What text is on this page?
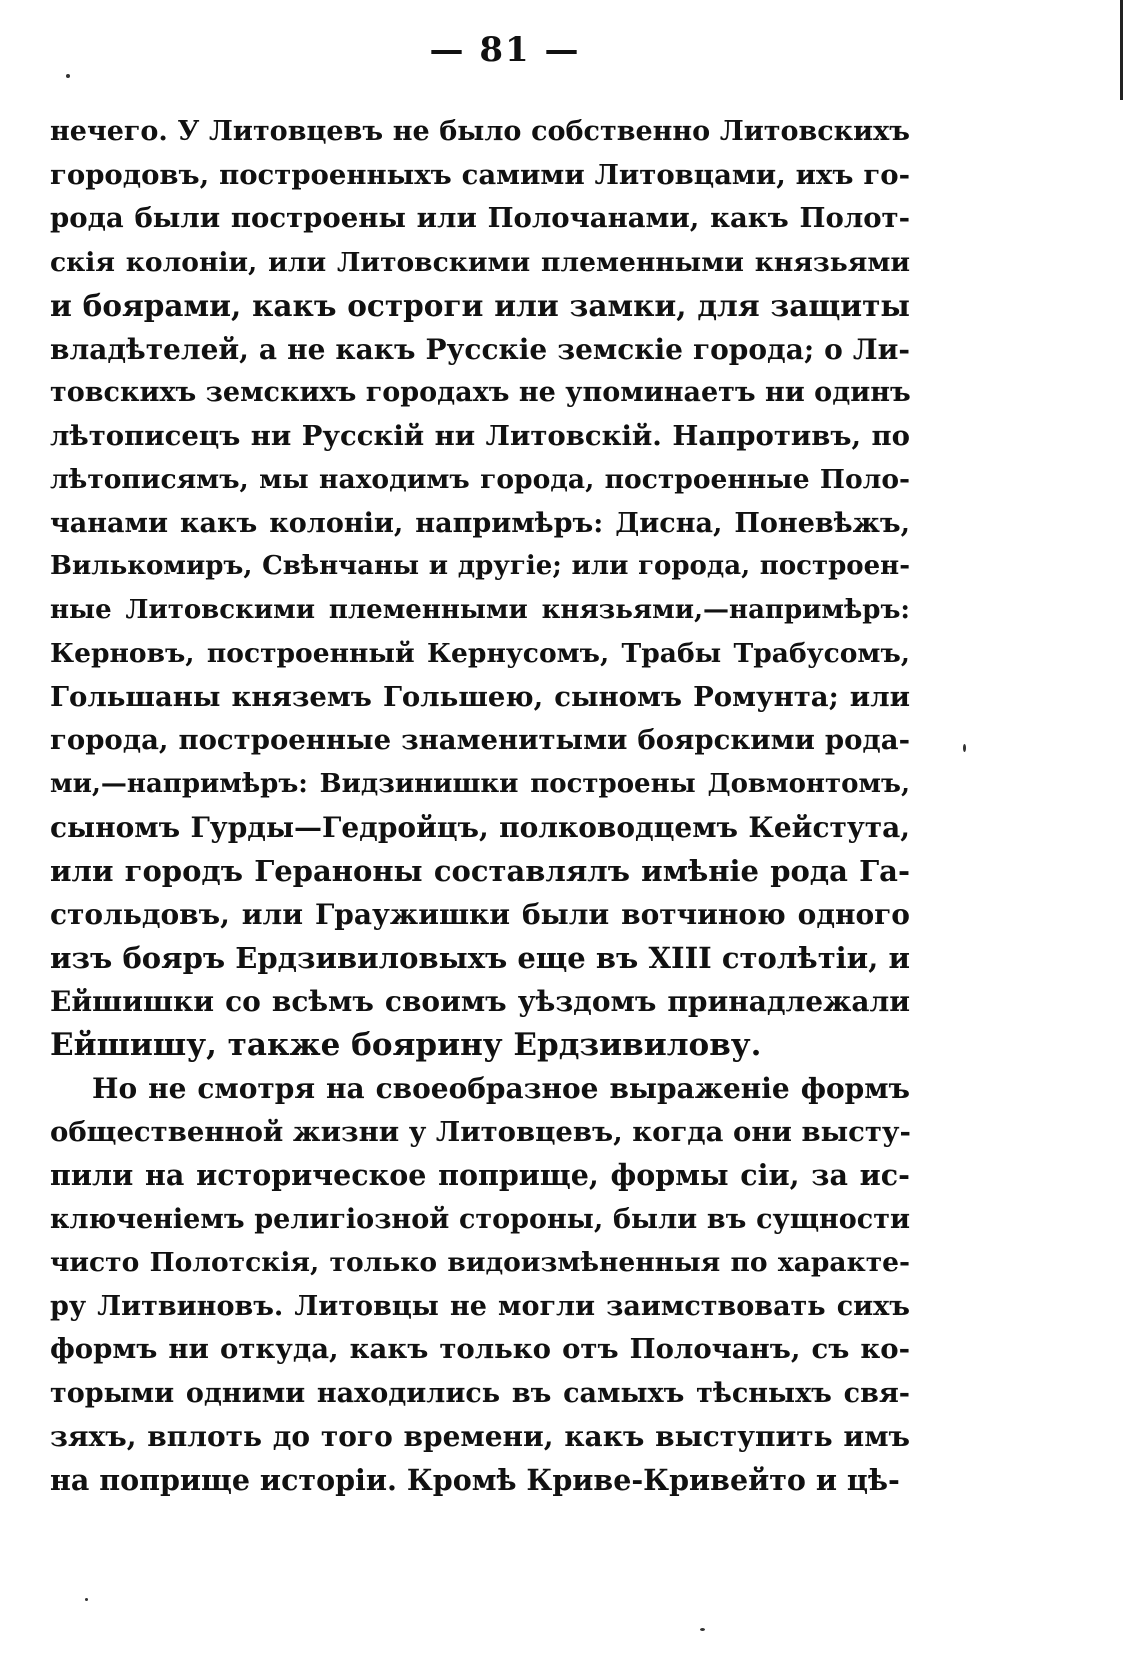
— 81 —
нечего. У Литовцевъ не было собственно Литовскихъ
городовъ, построенныхъ самими Литовцами, ихъ го-
рода были построены или Полочанами, какъ Полот-
скія колоніи, или Литовскими племенными князьями
и боярами, какъ остроги или замки, для защиты
владѣтелей, а не какъ Русскіе земскіе города; о Ли-
товскихъ земскихъ городахъ не упоминаетъ ни одинъ
лѣтописецъ ни Русскій ни Литовскій. Напротивъ, по
лѣтописямъ, мы находимъ города, построенные Поло-
чанами какъ колоніи, напримѣръ: Дисна, Поневѣжъ,
Вилькомиръ, Свѣнчаны и другіе; или города, построен-
ные Литовскими племенными князьями,—напримѣръ:
Керновъ, построенный Кернусомъ, Трабы Трабусомъ,
Гольшаны княземъ Гольшею, сыномъ Ромунта; или
города, построенные знаменитыми боярскими рода-
ми,—напримѣръ: Видзинишки построены Довмонтомъ,
сыномъ Гурды—Гедройцъ, полководцемъ Кейстута,
или городъ Герaноны составлялъ имѣніе рода Га-
стольдовъ, или Граужишки были вотчиною одного
изъ бояръ Ердзивиловыхъ еще въ XIII столѣтіи, и
Ейшишки со всѣмъ своимъ уѣздомъ принадлежали
Ейшишу, также боярину Ердзивилову.
Но не смотря на своеобразное выраженіе формъ
общественной жизни у Литовцевъ, когда они высту-
пили на историческое поприще, формы сіи, за ис-
ключеніемъ религіозной стороны, были въ сущности
чисто Полотскія, только видоизмѣненныя по характе-
ру Литвиновъ. Литовцы не могли заимствовать сихъ
формъ ни откуда, какъ только отъ Полочанъ, съ ко-
торыми одними находились въ самыхъ тѣсныхъ свя-
зяхъ, вплоть до того времени, какъ выступить имъ
на поприще исторіи. Кромѣ Криве-Кривейто и цѣ-
